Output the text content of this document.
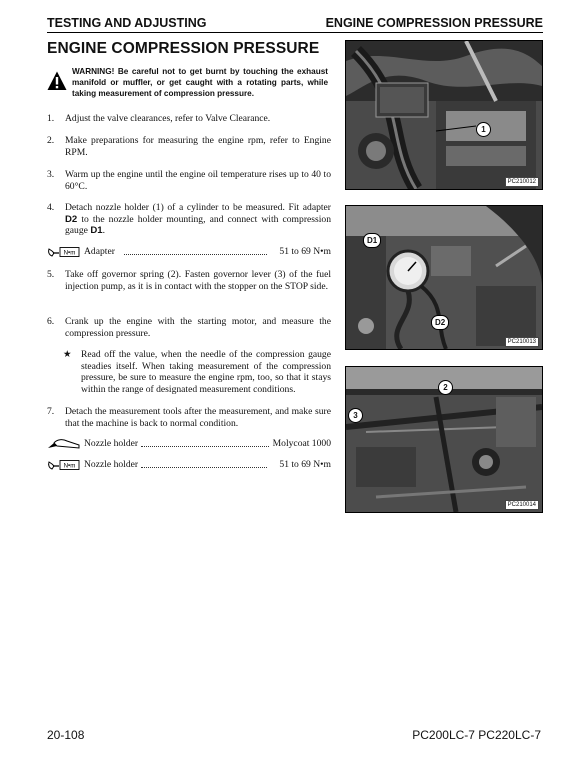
TESTING AND ADJUSTING	ENGINE COMPRESSION PRESSURE
ENGINE COMPRESSION PRESSURE
WARNING! Be careful not to get burnt by touching the exhaust manifold or muffler, or get caught with a rotating parts, while taking measurement of compression pressure.
1.	Adjust the valve clearances, refer to Valve Clearance.
2.	Make preparations for measuring the engine rpm, refer to Engine RPM.
3.	Warm up the engine until the engine oil temperature rises up to 40 to 60°C.
4.	Detach nozzle holder (1) of a cylinder to be measured. Fit adapter D2 to the nozzle holder mounting, and connect with compression gauge D1.
N•m Adapter	51 to 69 N•m
5.	Take off governor spring (2). Fasten governor lever (3) of the fuel injection pump, as it is in contact with the stopper on the STOP side.
6.	Crank up the engine with the starting motor, and measure the compression pressure.
★ Read off the value, when the needle of the compression gauge steadies itself. When taking measurement of the compression pressure, be sure to measure the engine rpm, too, so that it stays within the range of designated measurement conditions.
7.	Detach the measurement tools after the measurement, and make sure that the machine is back to normal condition.
Nozzle holder	Molycoat 1000
N•m Nozzle holder	51 to 69 N•m
1
PC210012
D1
D2
PC210013
2
3
PC210014
20-108	PC200LC-7 PC220LC-7
